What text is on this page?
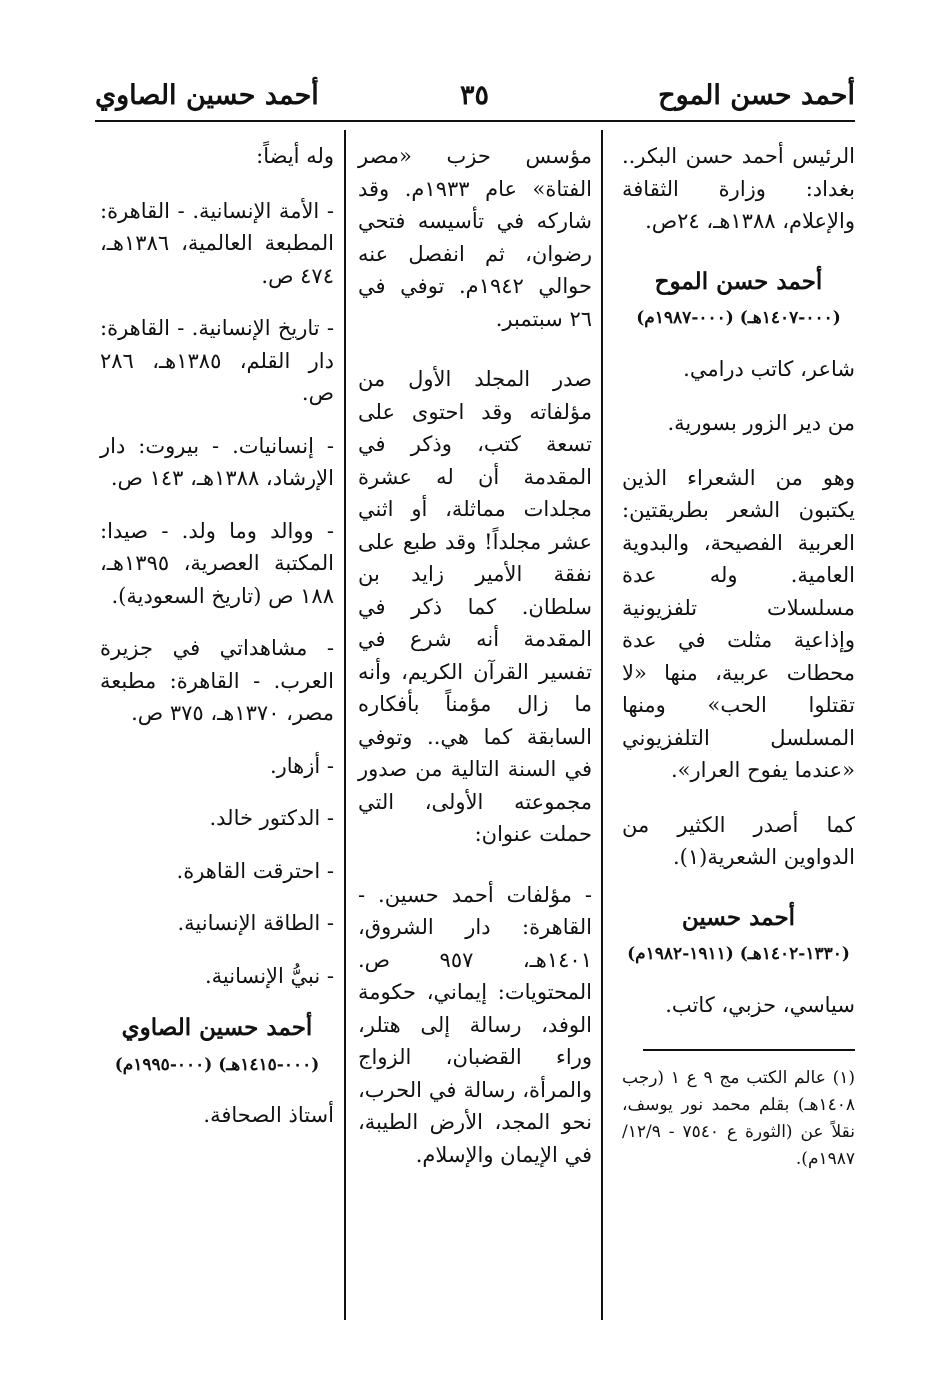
أحمد حسن الموح
٣٥
أحمد حسين الصاوي

الرئيس أحمد حسن البكر.. بغداد: وزارة الثقافة والإعلام، ١٣٨٨هـ، ٢٤ص.

أحمد حسن الموح
(٠٠٠-١٤٠٧هـ) (٠٠٠-١٩٨٧م)

شاعر، كاتب درامي.

من دير الزور بسورية.

وهو من الشعراء الذين يكتبون الشعر بطريقتين: العربية الفصيحة، والبدوية العامية. وله عدة مسلسلات تلفزيونية وإذاعية مثلت في عدة محطات عربية، منها «لا تقتلوا الحب» ومنها المسلسل التلفزيوني «عندما يفوح العرار».

كما أصدر الكثير من الدواوين الشعرية(١).

أحمد حسين
(١٣٣٠-١٤٠٢هـ) (١٩١١-١٩٨٢م)

سياسي، حزبي، كاتب.

(١) عالم الكتب مج ٩ ع ١ (رجب ١٤٠٨هـ) بقلم محمد نور يوسف، نقلاً عن (الثورة ع ٧٥٤٠ - ١٢/٩/ ١٩٨٧م).

مؤسس حزب «مصر الفتاة» عام ١٩٣٣م. وقد شاركه في تأسيسه فتحي رضوان، ثم انفصل عنه حوالي ١٩٤٢م. توفي في ٢٦ سبتمبر.

صدر المجلد الأول من مؤلفاته وقد احتوى على تسعة كتب، وذكر في المقدمة أن له عشرة مجلدات مماثلة، أو اثني عشر مجلداً! وقد طبع على نفقة الأمير زايد بن سلطان. كما ذكر في المقدمة أنه شرع في تفسير القرآن الكريم، وأنه ما زال مؤمناً بأفكاره السابقة كما هي.. وتوفي في السنة التالية من صدور مجموعته الأولى، التي حملت عنوان:

- مؤلفات أحمد حسين. - القاهرة: دار الشروق، ١٤٠١هـ، ٩٥٧ ص. المحتويات: إيماني، حكومة الوفد، رسالة إلى هتلر، وراء القضبان، الزواج والمرأة، رسالة في الحرب، نحو المجد، الأرض الطيبة، في الإيمان والإسلام.

وله أيضاً:

- الأمة الإنسانية. - القاهرة: المطبعة العالمية، ١٣٨٦هـ، ٤٧٤ ص.
- تاريخ الإنسانية. - القاهرة: دار القلم، ١٣٨٥هـ، ٢٨٦ ص.
- إنسانيات. - بيروت: دار الإرشاد، ١٣٨٨هـ، ١٤٣ ص.
- ووالد وما ولد. - صيدا: المكتبة العصرية، ١٣٩٥هـ، ١٨٨ ص (تاريخ السعودية).
- مشاهداتي في جزيرة العرب. - القاهرة: مطبعة مصر، ١٣٧٠هـ، ٣٧٥ ص.
- أزهار.
- الدكتور خالد.
- احترقت القاهرة.
- الطاقة الإنسانية.
- نبيُّ الإنسانية.
أحمد حسين الصاوي
(٠٠٠-١٤١٥هـ) (٠٠٠-١٩٩٥م)

أستاذ الصحافة.
